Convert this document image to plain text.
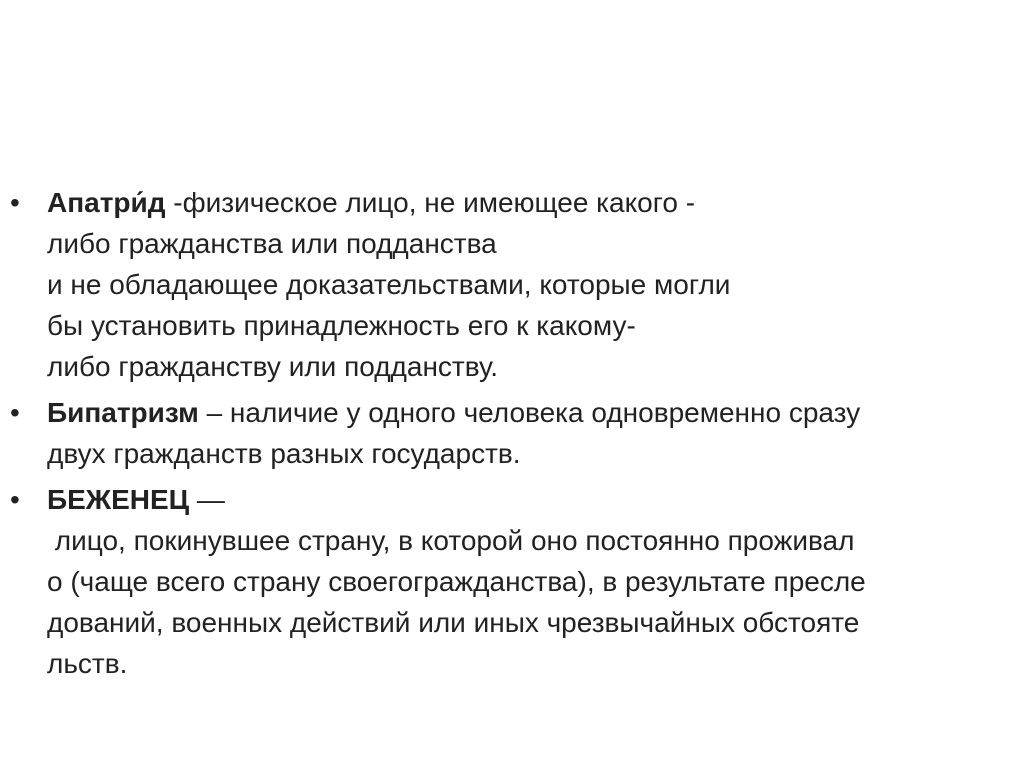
• Апатри́д -физическое лицо, не имеющее какого -
либо гражданства или подданства
и не обладающее доказательствами, которые могли
бы установить принадлежность его к какому-
либо гражданству или подданству.
• Бипатризм – наличие у одного человека одновременно сразу
двух гражданств разных государств.
• БЕЖЕНЕЦ —
лицо, покинувшее страну, в которой оно постоянно проживал
о (чаще всего страну своегогражданства), в результате пресле
дований, военных действий или иных чрезвычайных обстояте
льств.
